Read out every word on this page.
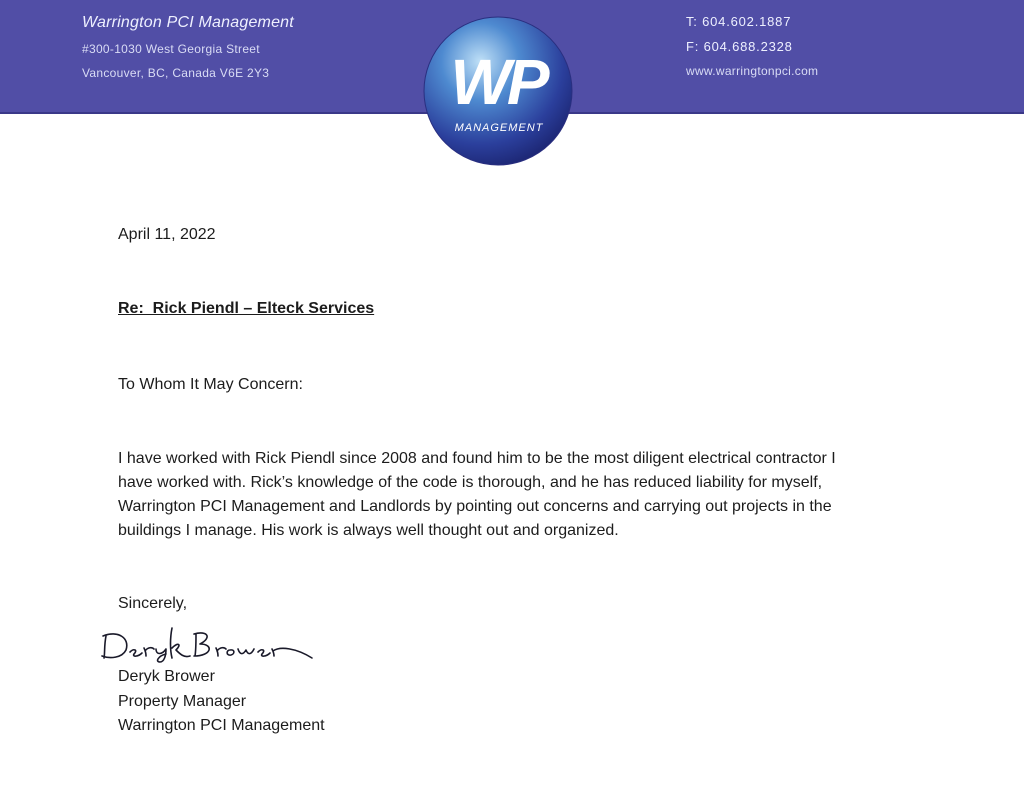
Warrington PCI Management
#300-1030 West Georgia Street
Vancouver, BC, Canada V6E 2Y3
T: 604.602.1887
F: 604.688.2328
www.warringtonpci.com
WP
MANAGEMENT
April 11, 2022
Re:  Rick Piendl – Elteck Services
To Whom It May Concern:
I have worked with Rick Piendl since 2008 and found him to be the most diligent electrical contractor I
have worked with. Rick’s knowledge of the code is thorough, and he has reduced liability for myself,
Warrington PCI Management and Landlords by pointing out concerns and carrying out projects in the
buildings I manage. His work is always well thought out and organized.
Sincerely,
Deryk Brower
Property Manager
Warrington PCI Management
